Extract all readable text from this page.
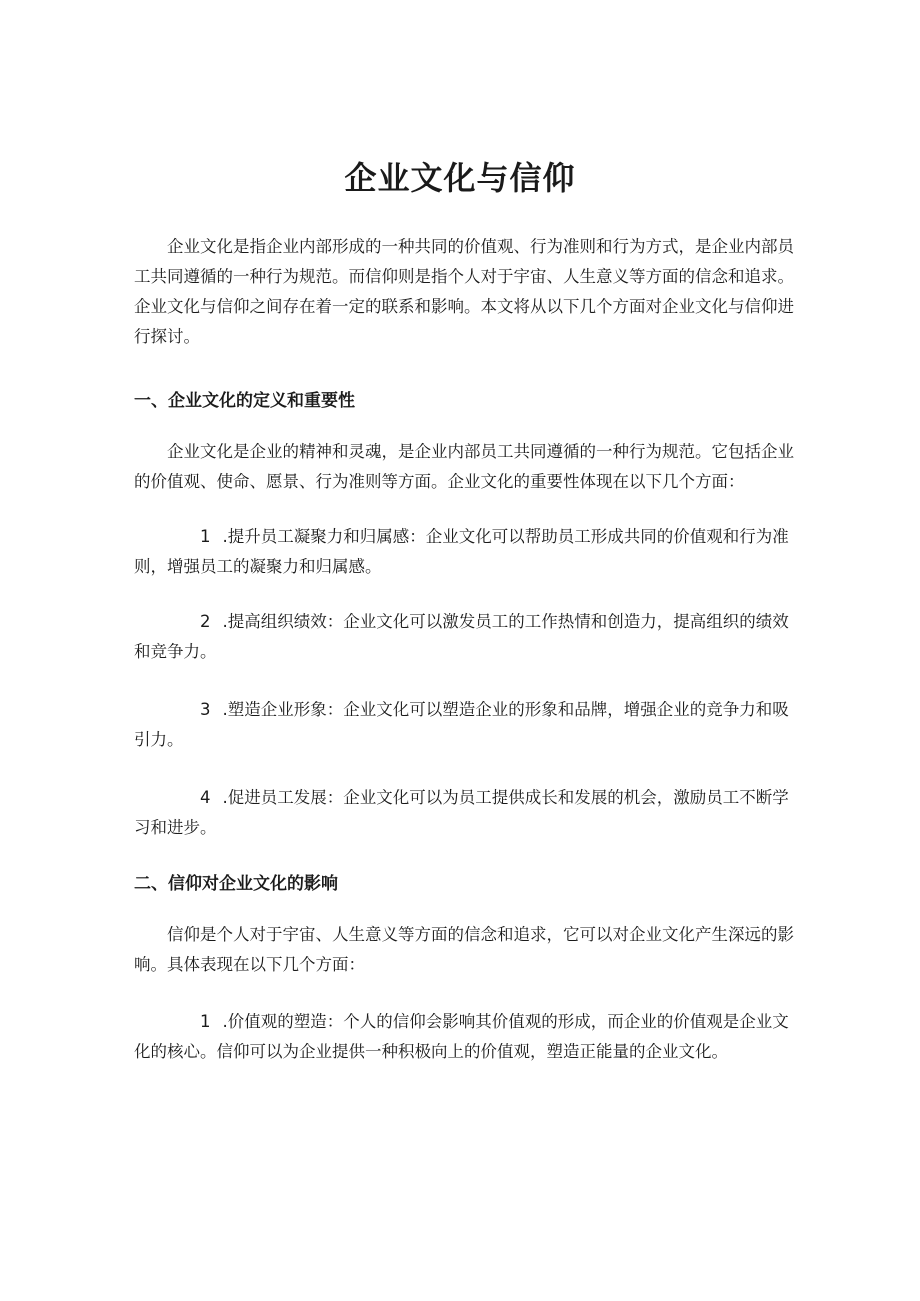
企业文化与信仰

企业文化是指企业内部形成的一种共同的价值观、行为准则和行为方式，是企业内部员工共同遵循的一种行为规范。而信仰则是指个人对于宇宙、人生意义等方面的信念和追求。企业文化与信仰之间存在着一定的联系和影响。本文将从以下几个方面对企业文化与信仰进行探讨。

一、企业文化的定义和重要性

企业文化是企业的精神和灵魂，是企业内部员工共同遵循的一种行为规范。它包括企业的价值观、使命、愿景、行为准则等方面。企业文化的重要性体现在以下几个方面：

1 .提升员工凝聚力和归属感：企业文化可以帮助员工形成共同的价值观和行为准则，增强员工的凝聚力和归属感。

2 .提高组织绩效：企业文化可以激发员工的工作热情和创造力，提高组织的绩效和竞争力。

3 .塑造企业形象：企业文化可以塑造企业的形象和品牌，增强企业的竞争力和吸引力。

4 .促进员工发展：企业文化可以为员工提供成长和发展的机会，激励员工不断学习和进步。

二、信仰对企业文化的影响

信仰是个人对于宇宙、人生意义等方面的信念和追求，它可以对企业文化产生深远的影响。具体表现在以下几个方面：

1 .价值观的塑造：个人的信仰会影响其价值观的形成，而企业的价值观是企业文化的核心。信仰可以为企业提供一种积极向上的价值观，塑造正能量的企业文化。
